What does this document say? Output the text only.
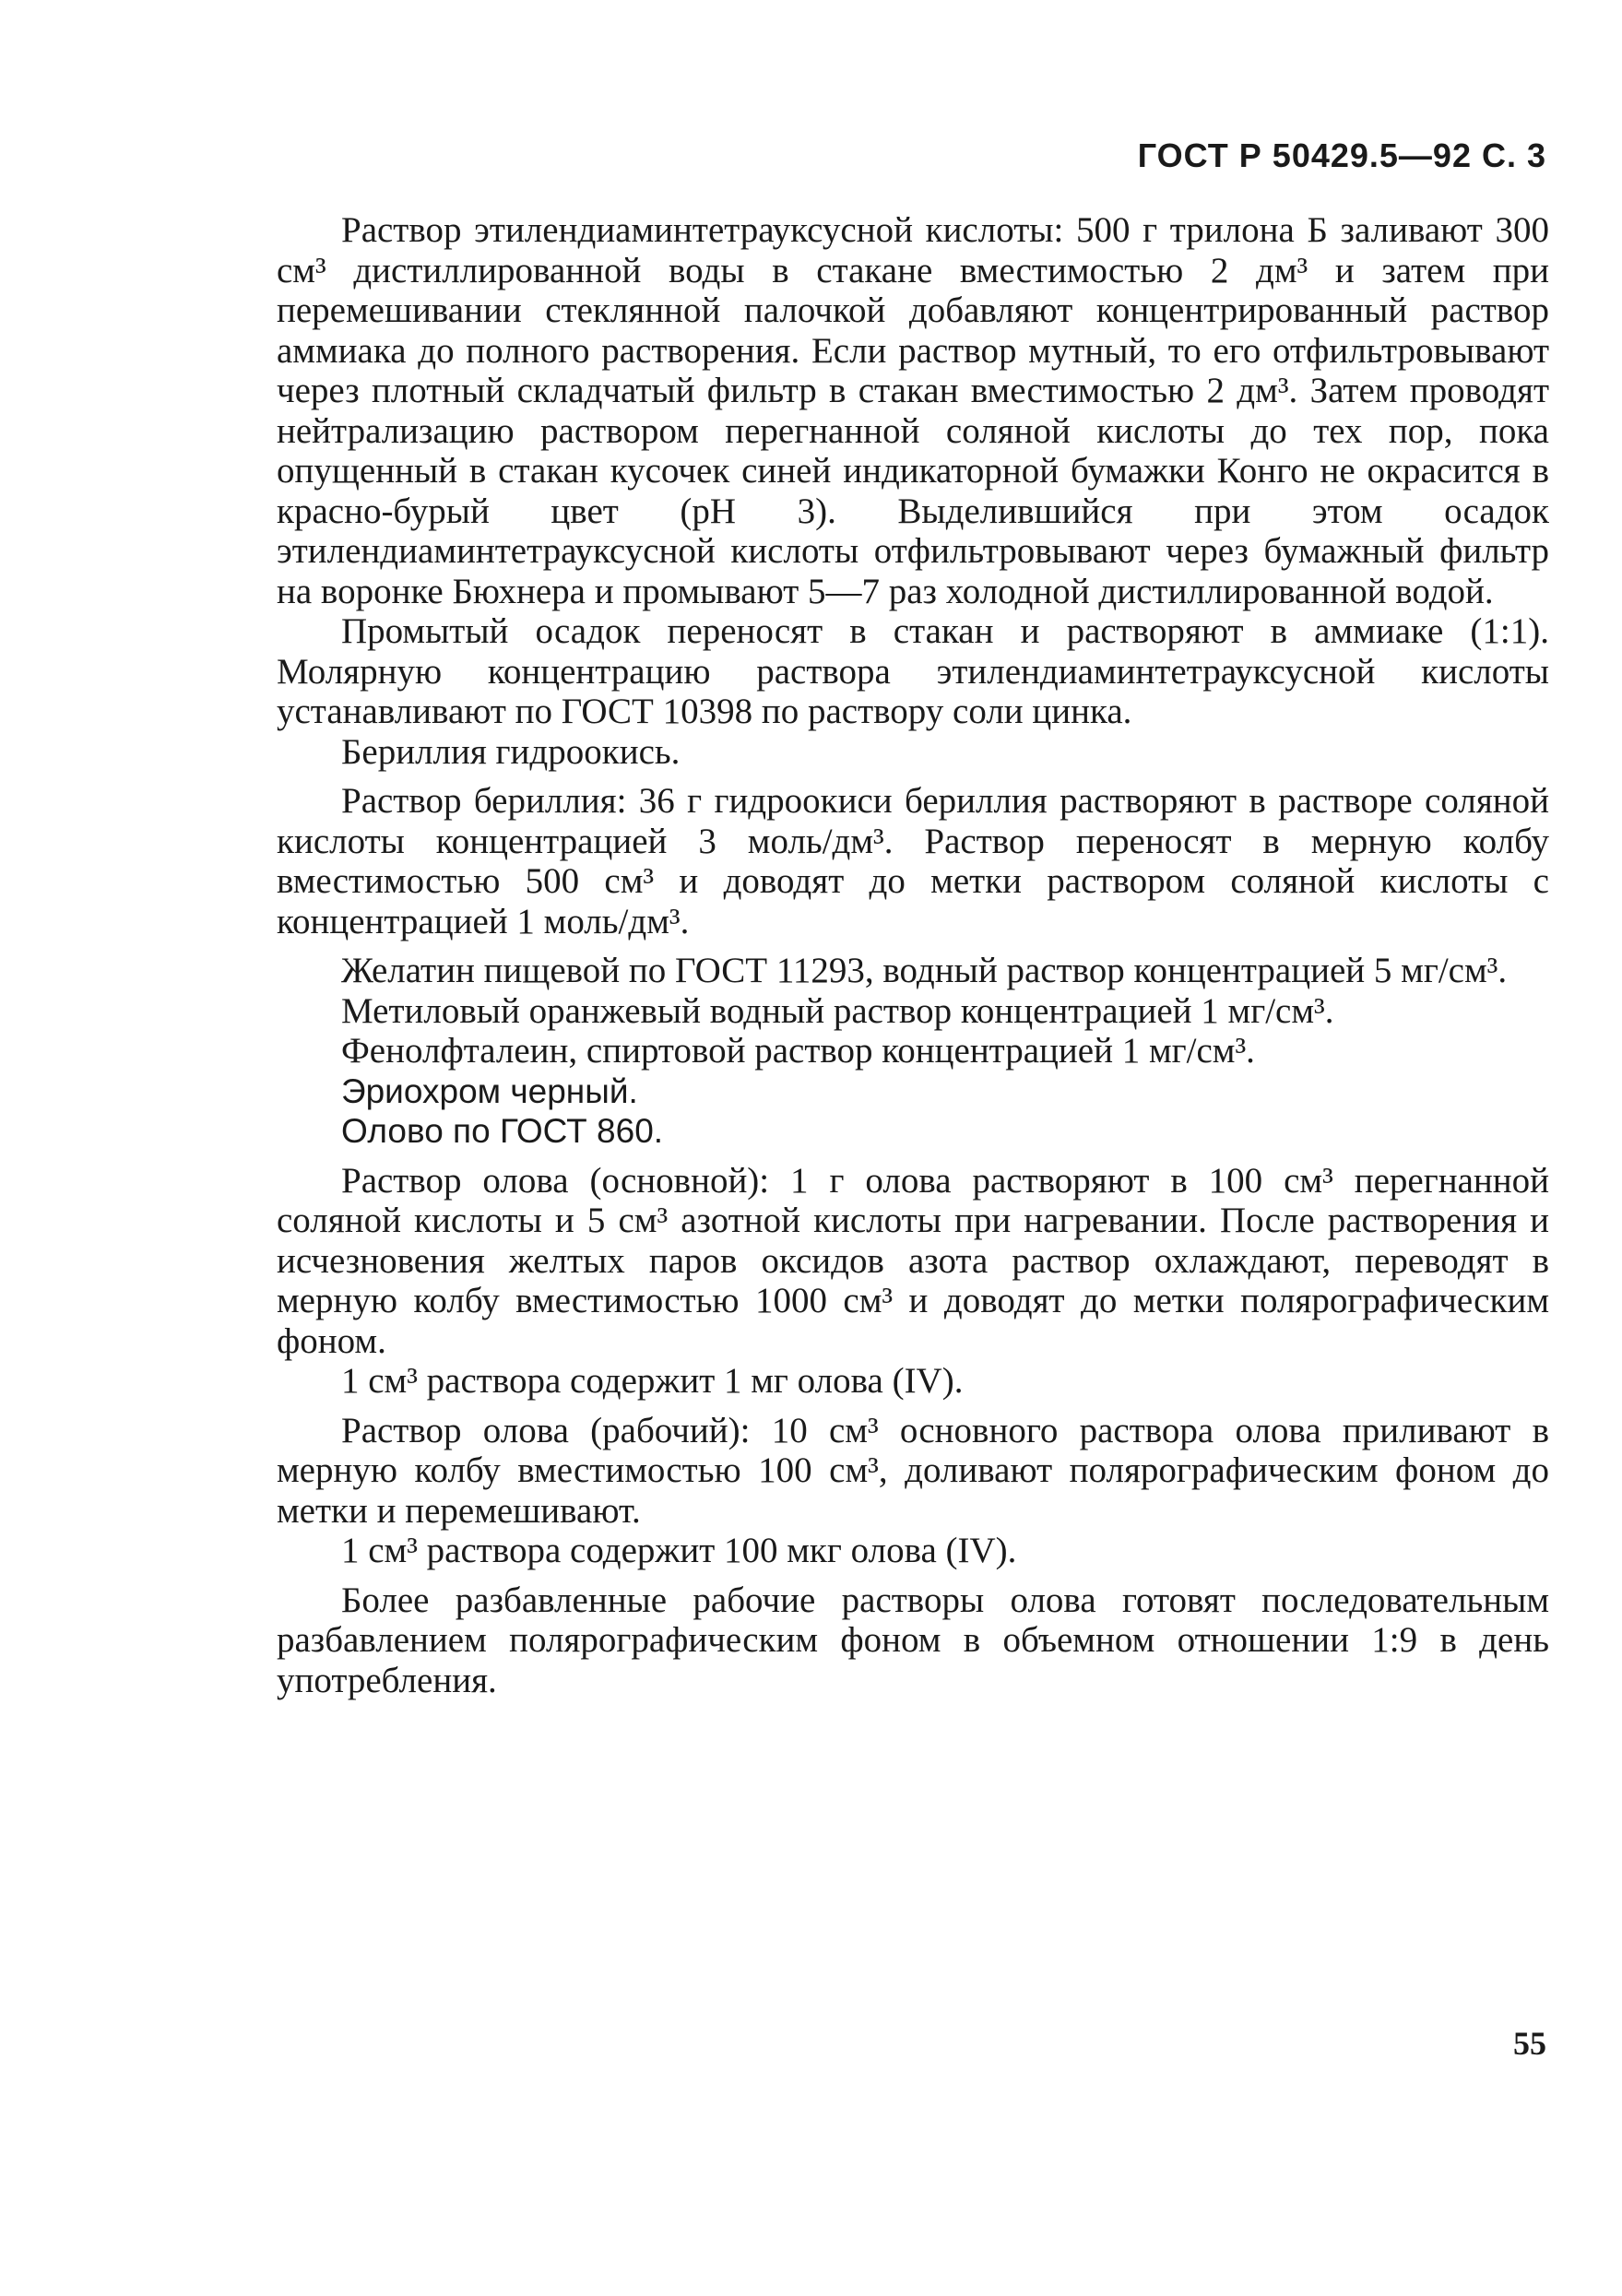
ГОСТ Р 50429.5—92 С. 3

Раствор этилендиаминтетрауксусной кислоты: 500 г трилона Б заливают 300 см³ дистиллированной воды в стакане вместимостью 2 дм³ и затем при перемешивании стеклянной палочкой добавляют концентрированный раствор аммиака до полного растворения. Если раствор мутный, то его отфильтровывают через плотный складчатый фильтр в стакан вместимостью 2 дм³. Затем проводят нейтрализацию раствором перегнанной соляной кислоты до тех пор, пока опущенный в стакан кусочек синей индикаторной бумажки Конго не окрасится в красно-бурый цвет (pH 3). Выделившийся при этом осадок этилендиаминтетрауксусной кислоты отфильтровывают через бумажный фильтр на воронке Бюхнера и промывают 5—7 раз холодной дистиллированной водой.

Промытый осадок переносят в стакан и растворяют в аммиаке (1:1). Молярную концентрацию раствора этилендиаминтетрауксусной кислоты устанавливают по ГОСТ 10398 по раствору соли цинка.

Бериллия гидроокись.

Раствор бериллия: 36 г гидроокиси бериллия растворяют в растворе соляной кислоты концентрацией 3 моль/дм³. Раствор переносят в мерную колбу вместимостью 500 см³ и доводят до метки раствором соляной кислоты с концентрацией 1 моль/дм³.

Желатин пищевой по ГОСТ 11293, водный раствор концентрацией 5 мг/см³.

Метиловый оранжевый водный раствор концентрацией 1 мг/см³.

Фенолфталеин, спиртовой раствор концентрацией 1 мг/см³.

Эриохром черный.

Олово по ГОСТ 860.

Раствор олова (основной): 1 г олова растворяют в 100 см³ перегнанной соляной кислоты и 5 см³ азотной кислоты при нагревании. После растворения и исчезновения желтых паров оксидов азота раствор охлаждают, переводят в мерную колбу вместимостью 1000 см³ и доводят до метки полярографическим фоном.

1 см³ раствора содержит 1 мг олова (IV).

Раствор олова (рабочий): 10 см³ основного раствора олова приливают в мерную колбу вместимостью 100 см³, доливают полярографическим фоном до метки и перемешивают.

1 см³ раствора содержит 100 мкг олова (IV).

Более разбавленные рабочие растворы олова готовят последовательным разбавлением полярографическим фоном в объемном отношении 1:9 в день употребления.

55
